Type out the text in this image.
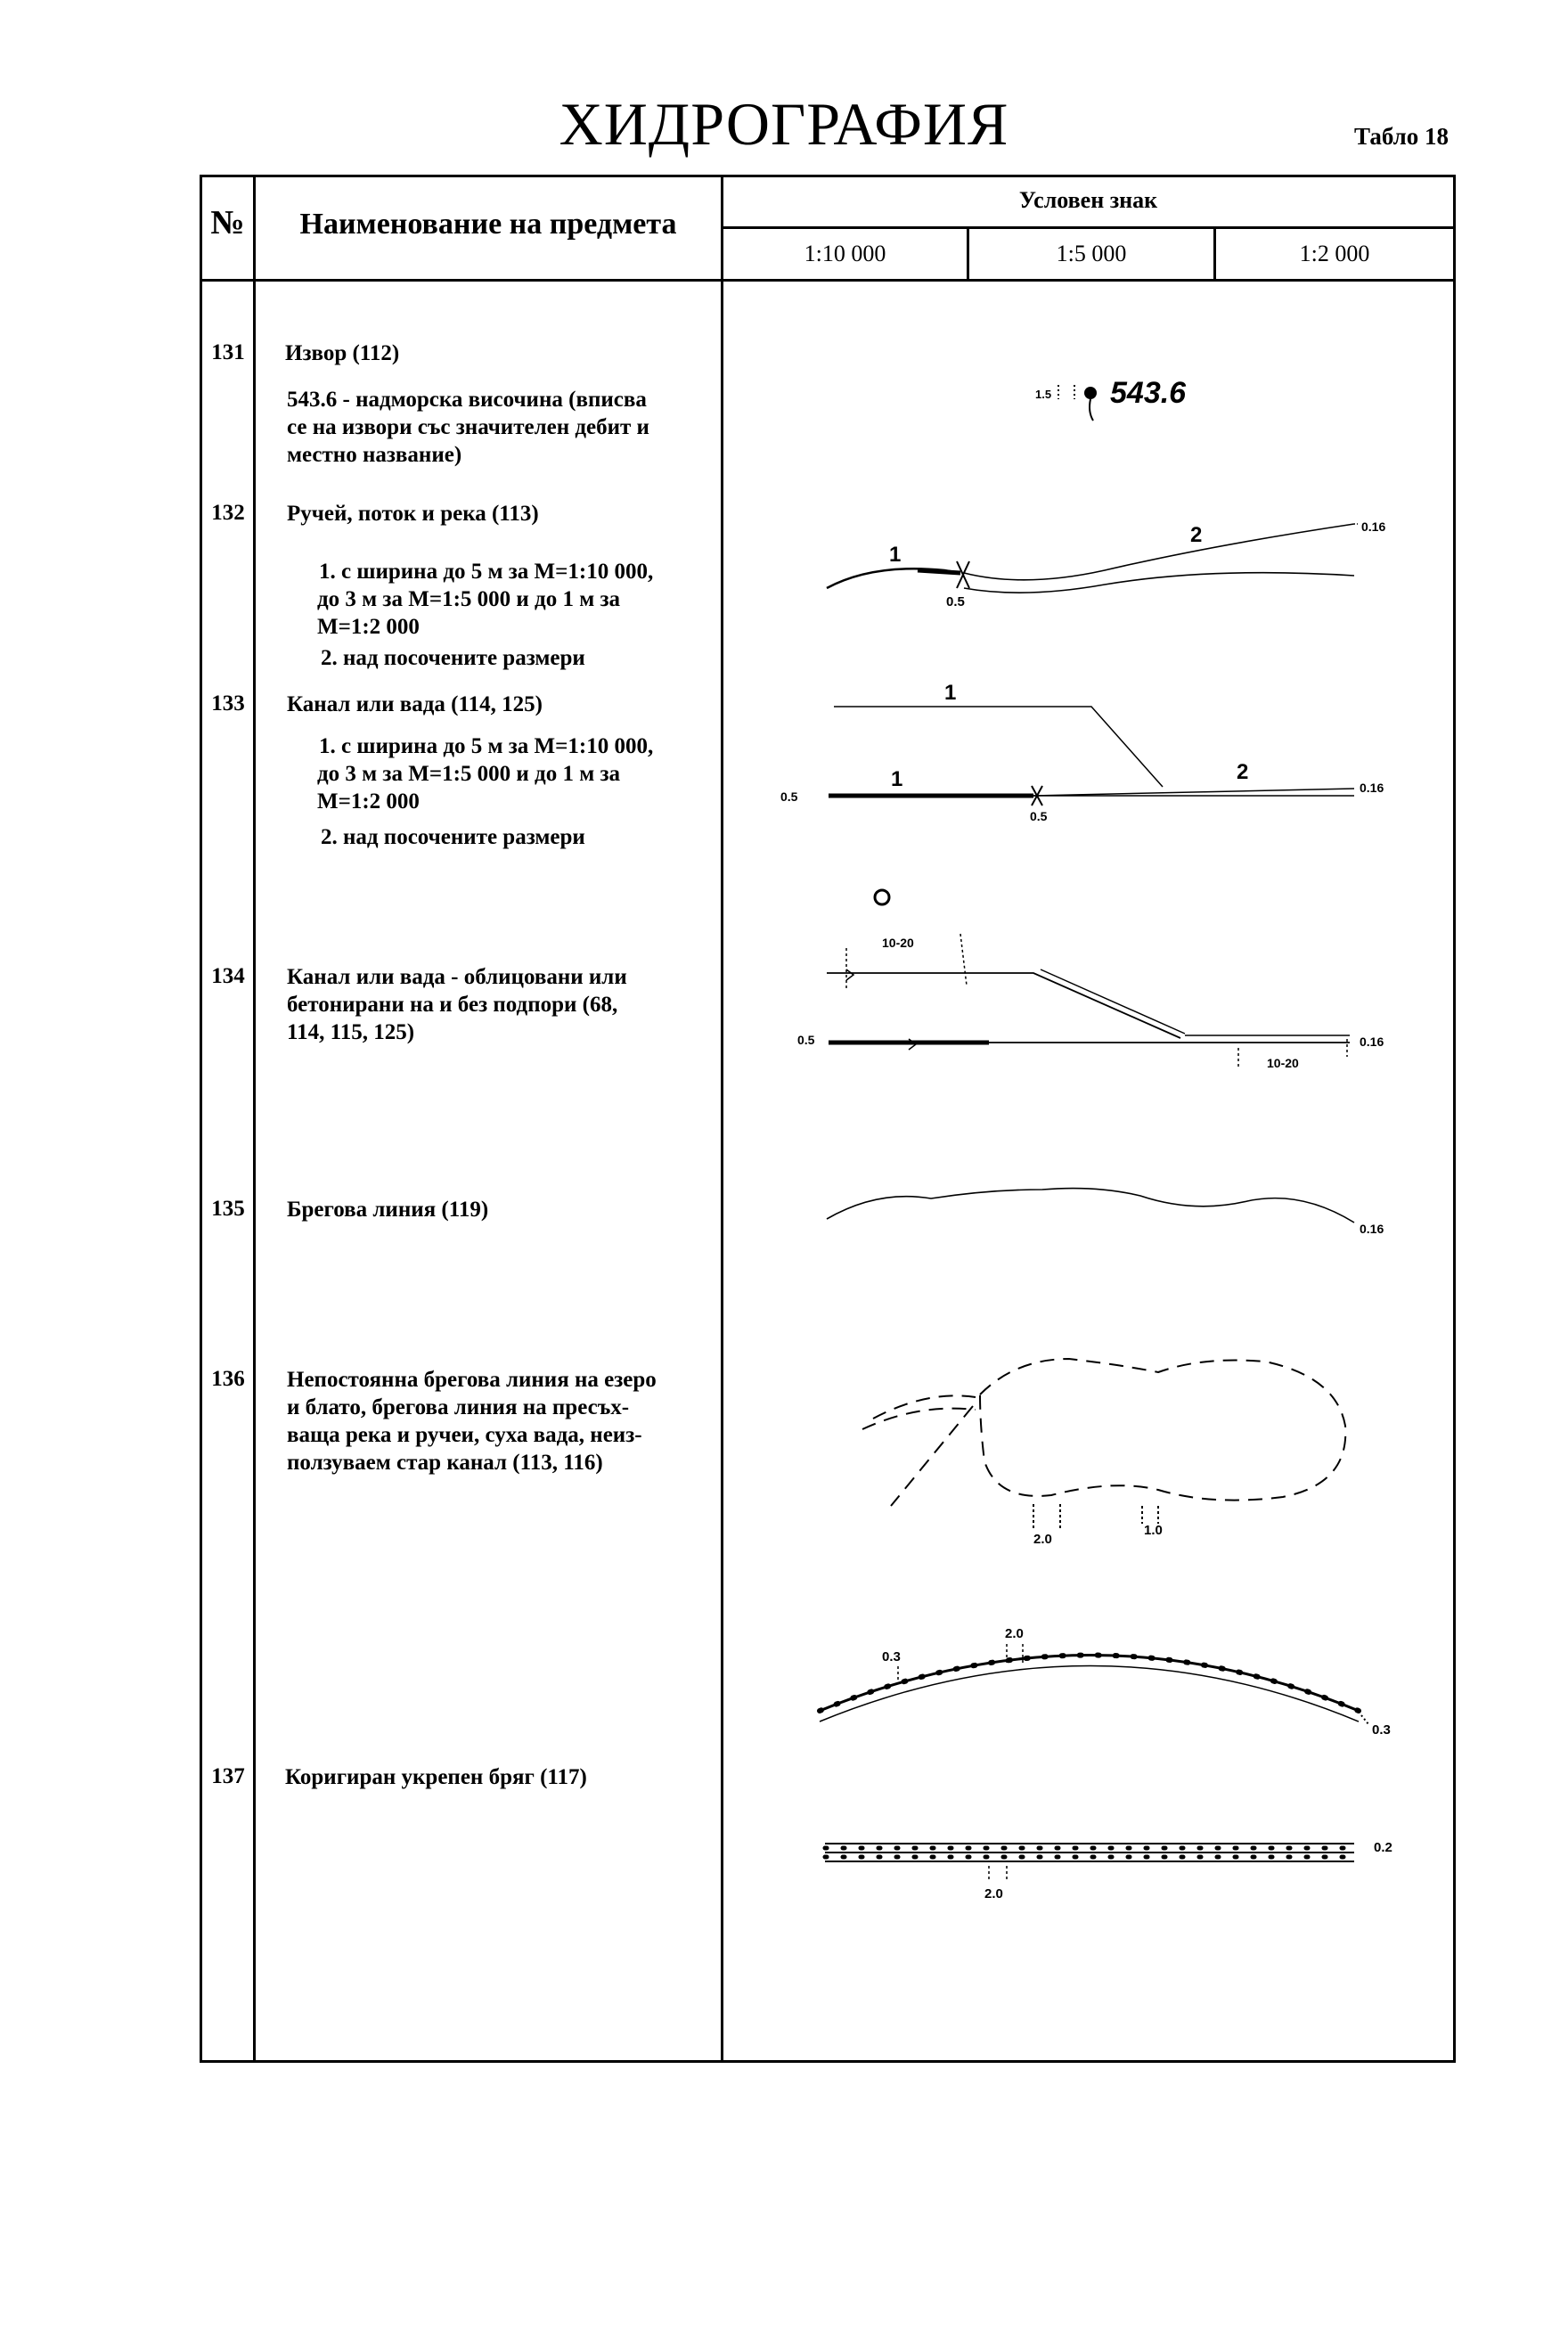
ХИДРОГРАФИЯ	Табло 18
№	Наименование на предмета
Условен знак
1:10 000	1:5 000	1:2 000
131 Извор (112)
543.6 - надморска височина (вписва
се на извори със значителен дебит и
местно название)
132 Ручей, поток и река (113)
1. с ширина до 5 м за М=1:10 000,
до 3 м за М=1:5 000 и до 1 м за
М=1:2 000
2. над посочените размери
133 Канал или вада (114, 125)
1. с ширина до 5 м за М=1:10 000,
до 3 м за М=1:5 000 и до 1 м за
М=1:2 000
2. над посочените размери
134 Канал или вада - облицовани или
бетонирани на и без подпори (68,
114, 115, 125)
135 Брегова линия (119)
136 Непостоянна брегова линия на езеро
и блато, брегова линия на пресъх-
ваща река и ручеи, суха вада, неиз-
ползуваем стар канал (113, 116)
137 Коригиран укрепен бряг (117)
1.5 543.6
1
2
0.5
0.16
1
1	2
0.5
0.5
0.16
10-20
10-20
0.5	0.16
0.16
2.0
1.0
0.3
2.0
0.3
0.2
2.0
